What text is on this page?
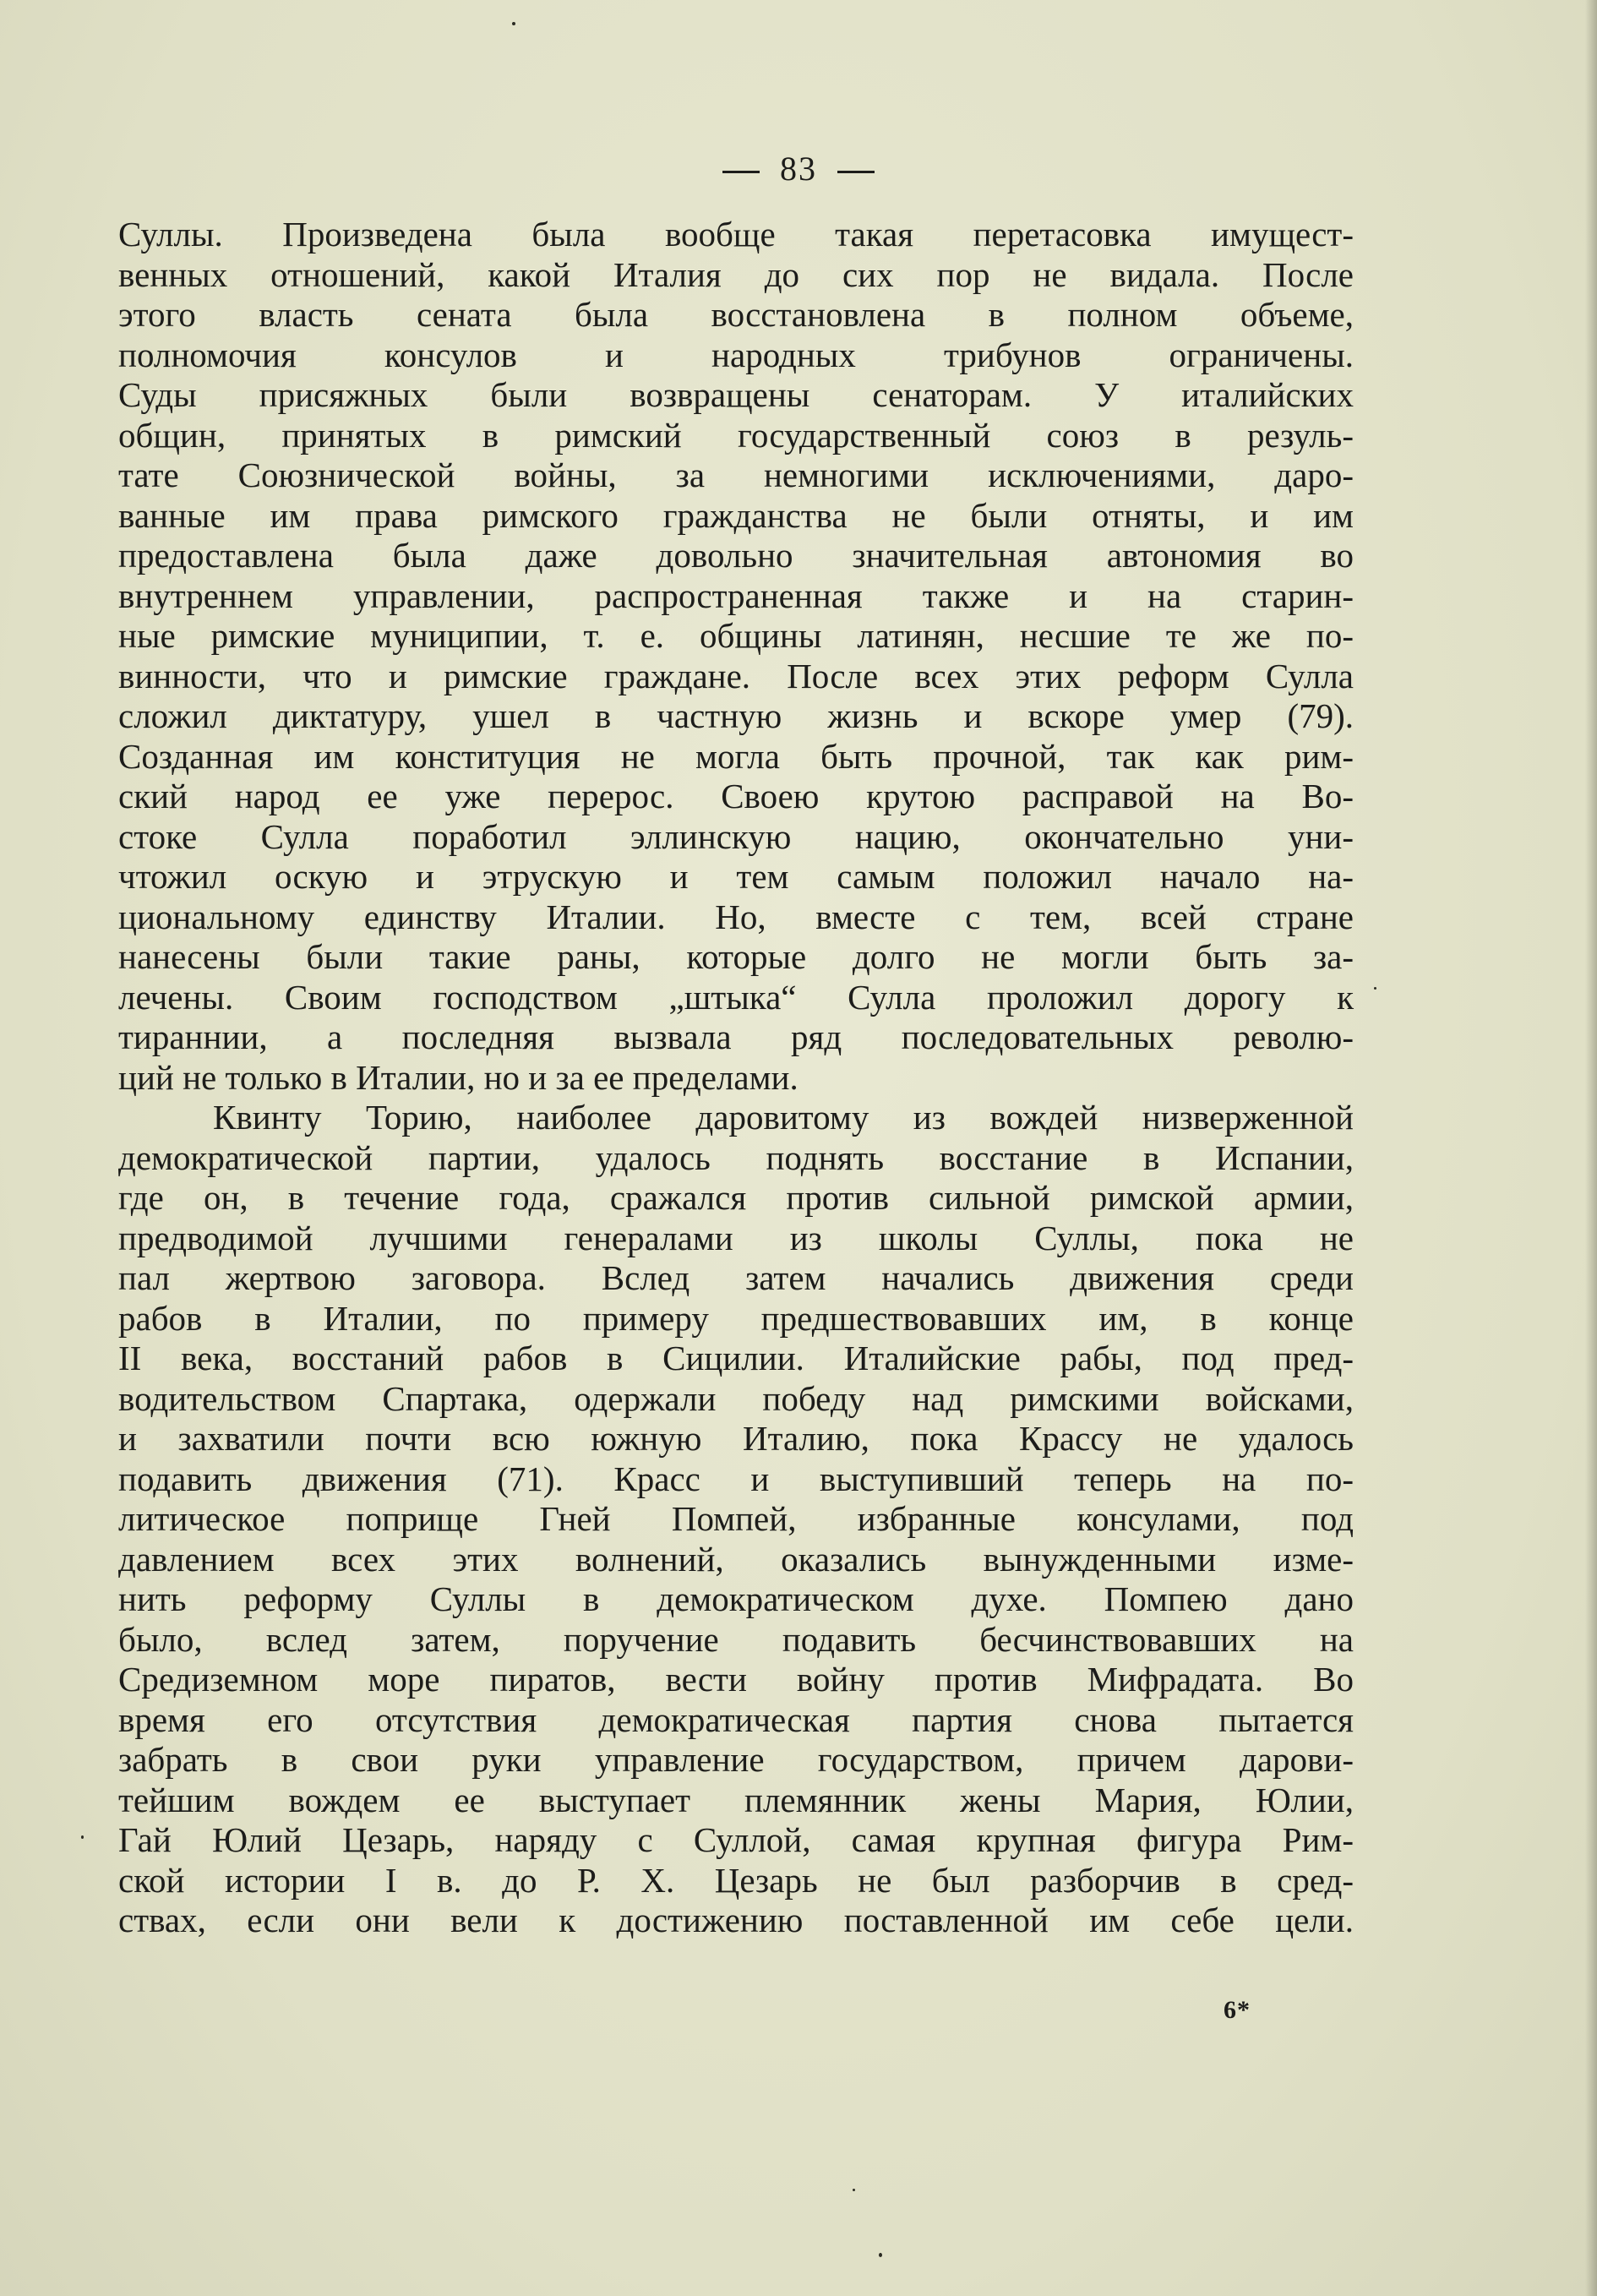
83
Суллы. Произведена была вообще такая перетасовка имущест-
венных отношений, какой Италия до сих пор не видала. После
этого власть сената была восстановлена в полном объеме,
полномочия консулов и народных трибунов ограничены.
Суды присяжных были возвращены сенаторам. У италийских
общин, принятых в римский государственный союз в резуль-
тате Союзнической войны, за немногими исключениями, даро-
ванные им права римского гражданства не были отняты, и им
предоставлена была даже довольно значительная автономия во
внутреннем управлении, распространенная также и на старин-
ные римские муниципии, т. е. общины латинян, несшие те же по-
винности, что и римские граждане. После всех этих реформ Сулла
сложил диктатуру, ушел в частную жизнь и вскоре умер (79).
Созданная им конституция не могла быть прочной, так как рим-
ский народ ее уже перерос. Своею крутою расправой на Во-
стоке Сулла поработил эллинскую нацию, окончательно уни-
чтожил оскую и этрускую и тем самым положил начало на-
циональному единству Италии. Но, вместе с тем, всей стране
нанесены были такие раны, которые долго не могли быть за-
лечены. Своим господством „штыка“ Сулла проложил дорогу к
тираннии, а последняя вызвала ряд последовательных револю-
ций не только в Италии, но и за ее пределами.
Квинту Торию, наиболее даровитому из вождей низверженной
демократической партии, удалось поднять восстание в Испании,
где он, в течение года, сражался против сильной римской армии,
предводимой лучшими генералами из школы Суллы, пока не
пал жертвою заговора. Вслед затем начались движения среди
рабов в Италии, по примеру предшествовавших им, в конце
II века, восстаний рабов в Сицилии. Италийские рабы, под пред-
водительством Спартака, одержали победу над римскими войсками,
и захватили почти всю южную Италию, пока Крассу не удалось
подавить движения (71). Красс и выступивший теперь на по-
литическое поприще Гней Помпей, избранные консулами, под
давлением всех этих волнений, оказались вынужденными изме-
нить реформу Суллы в демократическом духе. Помпею дано
было, вслед затем, поручение подавить бесчинствовавших на
Средиземном море пиратов, вести войну против Мифрадата. Во
время его отсутствия демократическая партия снова пытается
забрать в свои руки управление государством, причем дарови-
тейшим вождем ее выступает племянник жены Мария, Юлии,
Гай Юлий Цезарь, наряду с Суллой, самая крупная фигура Рим-
ской истории I в. до Р. Х. Цезарь не был разборчив в сред-
ствах, если они вели к достижению поставленной им себе цели.
6*
